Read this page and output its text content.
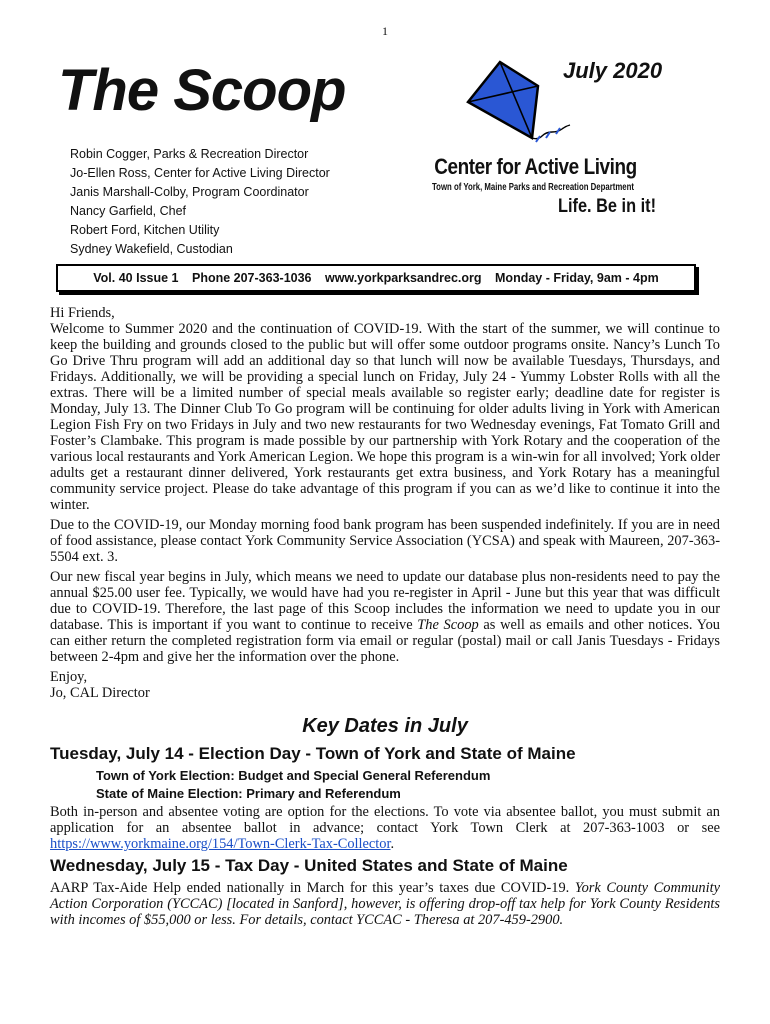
1
The Scoop	July 2020
Robin Cogger, Parks & Recreation Director
Jo-Ellen Ross, Center for Active Living Director
Janis Marshall-Colby, Program Coordinator
Nancy Garfield, Chef
Robert Ford, Kitchen Utility
Sydney Wakefield, Custodian
Center for Active Living
Town of York, Maine Parks and Recreation Department
Life. Be in it!
Vol. 40 Issue 1 Phone 207-363-1036 www.yorkparksandrec.org Monday - Friday, 9am - 4pm

Hi Friends,

Welcome to Summer 2020 and the continuation of COVID-19. With the start of the summer, we will continue to keep the building and grounds closed to the public but will offer some outdoor programs onsite. Nancy’s Lunch To Go Drive Thru program will add an additional day so that lunch will now be available Tuesdays, Thursdays, and Fridays. Additionally, we will be providing a special lunch on Friday, July 24 - Yummy Lobster Rolls with all the extras. There will be a limited number of special meals available so register early; deadline date for register is Monday, July 13. The Dinner Club To Go program will be continuing for older adults living in York with American Legion Fish Fry on two Fridays in July and two new restaurants for two Wednesday evenings, Fat Tomato Grill and Foster’s Clambake. This program is made possible by our partnership with York Rotary and the cooperation of the various local restaurants and York American Legion. We hope this program is a win-win for all involved; York older adults get a restaurant dinner delivered, York restaurants get extra business, and York Rotary has a meaningful community service project. Please do take advantage of this program if you can as we’d like to continue it into the winter.

Due to the COVID-19, our Monday morning food bank program has been suspended indefinitely. If you are in need of food assistance, please contact York Community Service Association (YCSA) and speak with Maureen, 207-363-5504 ext. 3.

Our new fiscal year begins in July, which means we need to update our database plus non-residents need to pay the annual $25.00 user fee. Typically, we would have had you re-register in April - June but this year that was difficult due to COVID-19. Therefore, the last page of this Scoop includes the information we need to update you in our database. This is important if you want to continue to receive The Scoop as well as emails and other notices. You can either return the completed registration form via email or regular (postal) mail or call Janis Tuesdays - Fridays between 2-4pm and give her the information over the phone.

Enjoy,

Jo, CAL Director

Key Dates in July
Tuesday, July 14 - Election Day - Town of York and State of Maine
Town of York Election: Budget and Special General Referendum
State of Maine Election: Primary and Referendum

Both in-person and absentee voting are option for the elections. To vote via absentee ballot, you must submit an application for an absentee ballot in advance; contact York Town Clerk at 207-363-1003 or see https://www.yorkmaine.org/154/Town-Clerk-Tax-Collector.

Wednesday, July 15 - Tax Day - United States and State of Maine

AARP Tax-Aide Help ended nationally in March for this year’s taxes due COVID-19. York County Community Action Corporation (YCCAC) [located in Sanford], however, is offering drop-off tax help for York County Residents with incomes of $55,000 or less. For details, contact YCCAC - Theresa at 207-459-2900.
